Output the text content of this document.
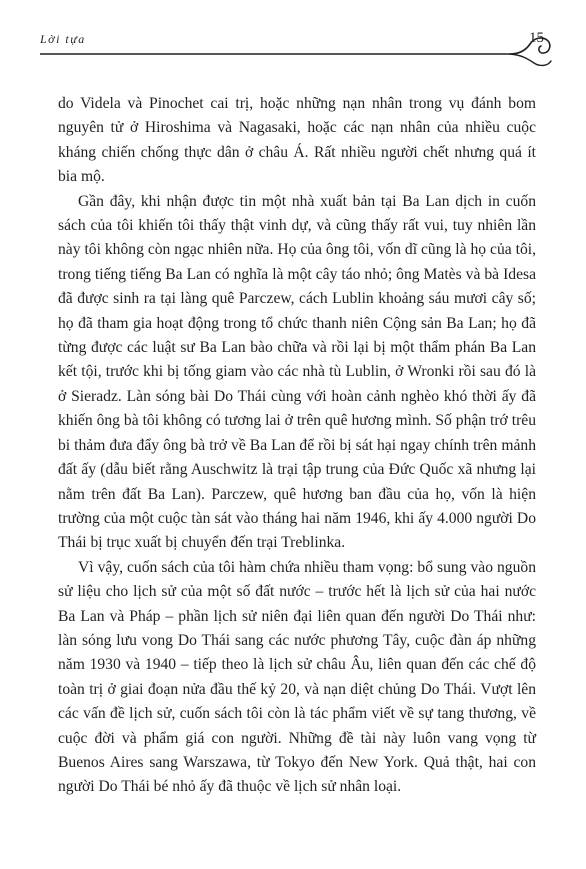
Lời tựa	15

do Videla và Pinochet cai trị, hoặc những nạn nhân trong vụ đánh bom nguyên tử ở Hiroshima và Nagasaki, hoặc các nạn nhân của nhiều cuộc kháng chiến chống thực dân ở châu Á. Rất nhiều người chết nhưng quá ít bia mộ.

Gần đây, khi nhận được tin một nhà xuất bản tại Ba Lan dịch in cuốn sách của tôi khiến tôi thấy thật vinh dự, và cũng thấy rất vui, tuy nhiên lần này tôi không còn ngạc nhiên nữa. Họ của ông tôi, vốn dĩ cũng là họ của tôi, trong tiếng tiếng Ba Lan có nghĩa là một cây táo nhỏ; ông Matès và bà Idesa đã được sinh ra tại làng quê Parczew, cách Lublin khoảng sáu mươi cây số; họ đã tham gia hoạt động trong tổ chức thanh niên Cộng sản Ba Lan; họ đã từng được các luật sư Ba Lan bào chữa và rồi lại bị một thẩm phán Ba Lan kết tội, trước khi bị tống giam vào các nhà tù Lublin, ở Wronki rồi sau đó là ở Sieradz. Làn sóng bài Do Thái cùng với hoàn cảnh nghèo khó thời ấy đã khiến ông bà tôi không có tương lai ở trên quê hương mình. Số phận trớ trêu bi thảm đưa đẩy ông bà trở về Ba Lan để rồi bị sát hại ngay chính trên mảnh đất ấy (dẫu biết rằng Auschwitz là trại tập trung của Đức Quốc xã nhưng lại nằm trên đất Ba Lan). Parczew, quê hương ban đầu của họ, vốn là hiện trường của một cuộc tàn sát vào tháng hai năm 1946, khi ấy 4.000 người Do Thái bị trục xuất bị chuyển đến trại Treblinka.

Vì vậy, cuốn sách của tôi hàm chứa nhiều tham vọng: bổ sung vào nguồn sử liệu cho lịch sử của một số đất nước – trước hết là lịch sử của hai nước Ba Lan và Pháp – phần lịch sử niên đại liên quan đến người Do Thái như: làn sóng lưu vong Do Thái sang các nước phương Tây, cuộc đàn áp những năm 1930 và 1940 – tiếp theo là lịch sử châu Âu, liên quan đến các chế độ toàn trị ở giai đoạn nửa đầu thế kỷ 20, và nạn diệt chủng Do Thái. Vượt lên các vấn đề lịch sử, cuốn sách tôi còn là tác phẩm viết về sự tang thương, về cuộc đời và phẩm giá con người. Những đề tài này luôn vang vọng từ Buenos Aires sang Warszawa, từ Tokyo đến New York. Quả thật, hai con người Do Thái bé nhỏ ấy đã thuộc về lịch sử nhân loại.
